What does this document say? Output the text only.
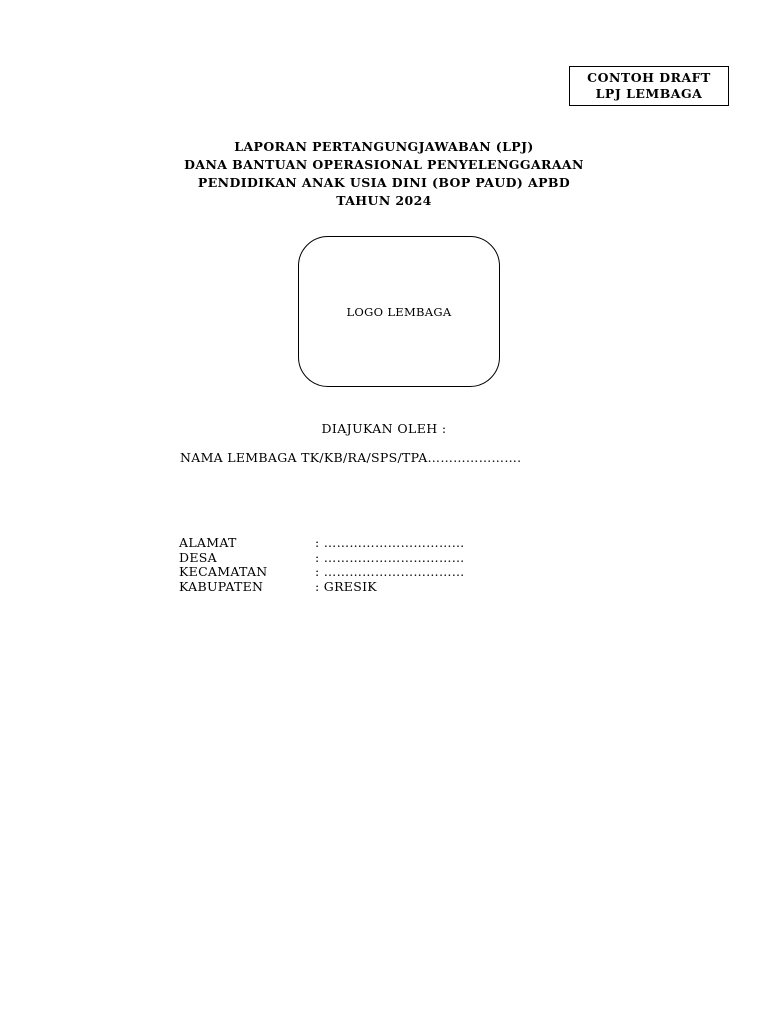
CONTOH DRAFT
LPJ LEMBAGA
LAPORAN PERTANGUNGJAWABAN (LPJ)
DANA BANTUAN OPERASIONAL PENYELENGGARAAN
PENDIDIKAN ANAK USIA DINI (BOP PAUD) APBD
TAHUN 2024
LOGO LEMBAGA
DIAJUKAN OLEH :
NAMA LEMBAGA TK/KB/RA/SPS/TPA………………….
ALAMAT	: ……………………………
DESA	: ……………………………
KECAMATAN	: ……………………………
KABUPATEN	: GRESIK
